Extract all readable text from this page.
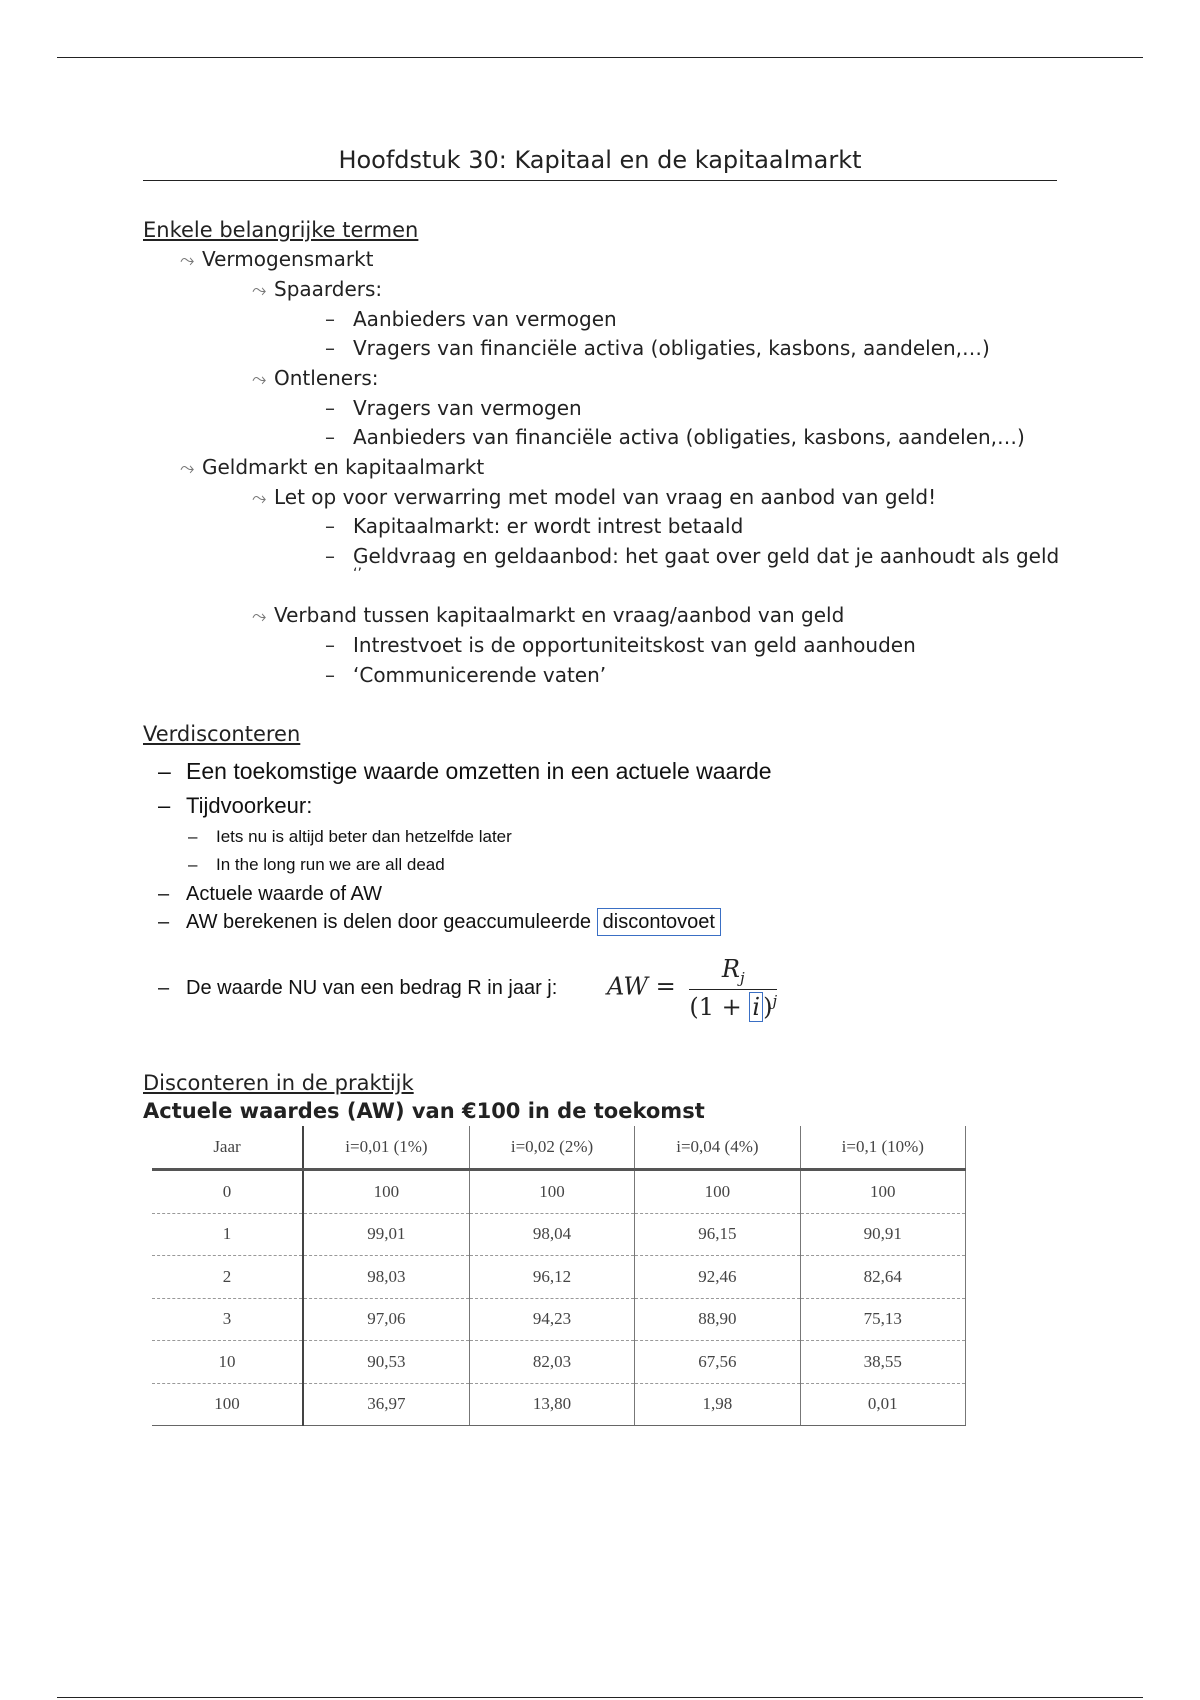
Hoofdstuk 30: Kapitaal en de kapitaalmarkt
Enkele belangrijke termen
⤳ Vermogensmarkt
⤳ Spaarders:
– Aanbieders van vermogen
– Vragers van financiële activa (obligaties, kasbons, aandelen,…)
⤳ Ontleners:
– Vragers van vermogen
– Aanbieders van financiële activa (obligaties, kasbons, aandelen,…)
⤳ Geldmarkt en kapitaalmarkt
⤳ Let op voor verwarring met model van vraag en aanbod van geld!
– Kapitaalmarkt: er wordt intrest betaald
– Geldvraag en geldaanbod: het gaat over geld dat je aanhoudt als geld
‘’
⤳ Verband tussen kapitaalmarkt en vraag/aanbod van geld
– Intrestvoet is de opportuniteitskost van geld aanhouden
– ‘Communicerende vaten’
Verdisconteren
– Een toekomstige waarde omzetten in een actuele waarde
– Tijdvoorkeur:
– Iets nu is altijd beter dan hetzelfde later
– In the long run we are all dead
– Actuele waarde of AW
– AW berekenen is delen door geaccumuleerde discontovoet
– De waarde NU van een bedrag R in jaar j: AW = $\frac{R_j}{(1 + i )^j}$
Disconteren in de praktijk
Actuele waardes (AW) van €100 in de toekomst
Jaar	i=0,01 (1%)	i=0,02 (2%)	i=0,04 (4%)	i=0,1 (10%)
0	100	100	100	100
1	99,01	98,04	96,15	90,91
2	98,03	96,12	92,46	82,64
3	97,06	94,23	88,90	75,13
10	90,53	82,03	67,56	38,55
100	36,97	13,80	1,98	0,01
